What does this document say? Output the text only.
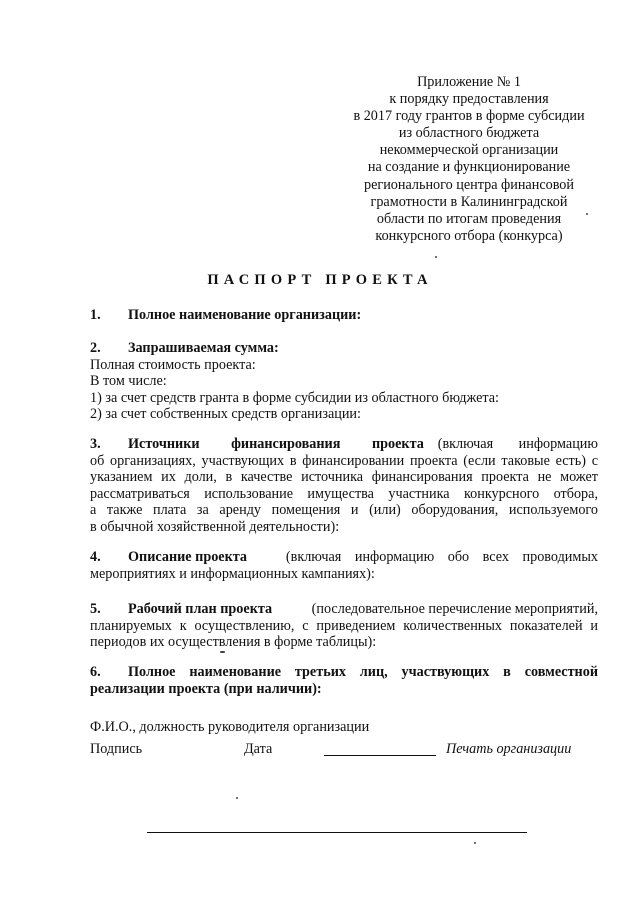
Приложение № 1
к порядку предоставления
в 2017 году грантов в форме субсидии
из областного бюджета
некоммерческой организации
на создание и функционирование
регионального центра финансовой
грамотности в Калининградской
области по итогам проведения
конкурсного отбора (конкурса)
ПАСПОРТ ПРОЕКТА
1.	Полное наименование организации:
2.	Запрашиваемая сумма:
Полная стоимость проекта:
В том числе:
1) за счет средств гранта в форме субсидии из областного бюджета:
2) за счет собственных средств организации:
3.	Источники финансирования проекта (включая информацию
об организациях, участвующих в финансировании проекта (если таковые есть) с
указанием их доли, в качестве источника финансирования проекта не может
рассматриваться использование имущества участника конкурсного отбора,
а также плата за аренду помещения и (или) оборудования, используемого
в обычной хозяйственной деятельности):
4.	Описание проекта	(включая информацию обо всех проводимых
мероприятиях и информационных кампаниях):
5.	Рабочий план проекта	(последовательное перечисление мероприятий,
планируемых к осуществлению, с приведением количественных показателей и
периодов их осуществления в форме таблицы):
6.	Полное наименование третьих лиц, участвующих в совместной
реализации проекта (при наличии):
Ф.И.О., должность руководителя организации
Подпись	Дата	Печать организации
